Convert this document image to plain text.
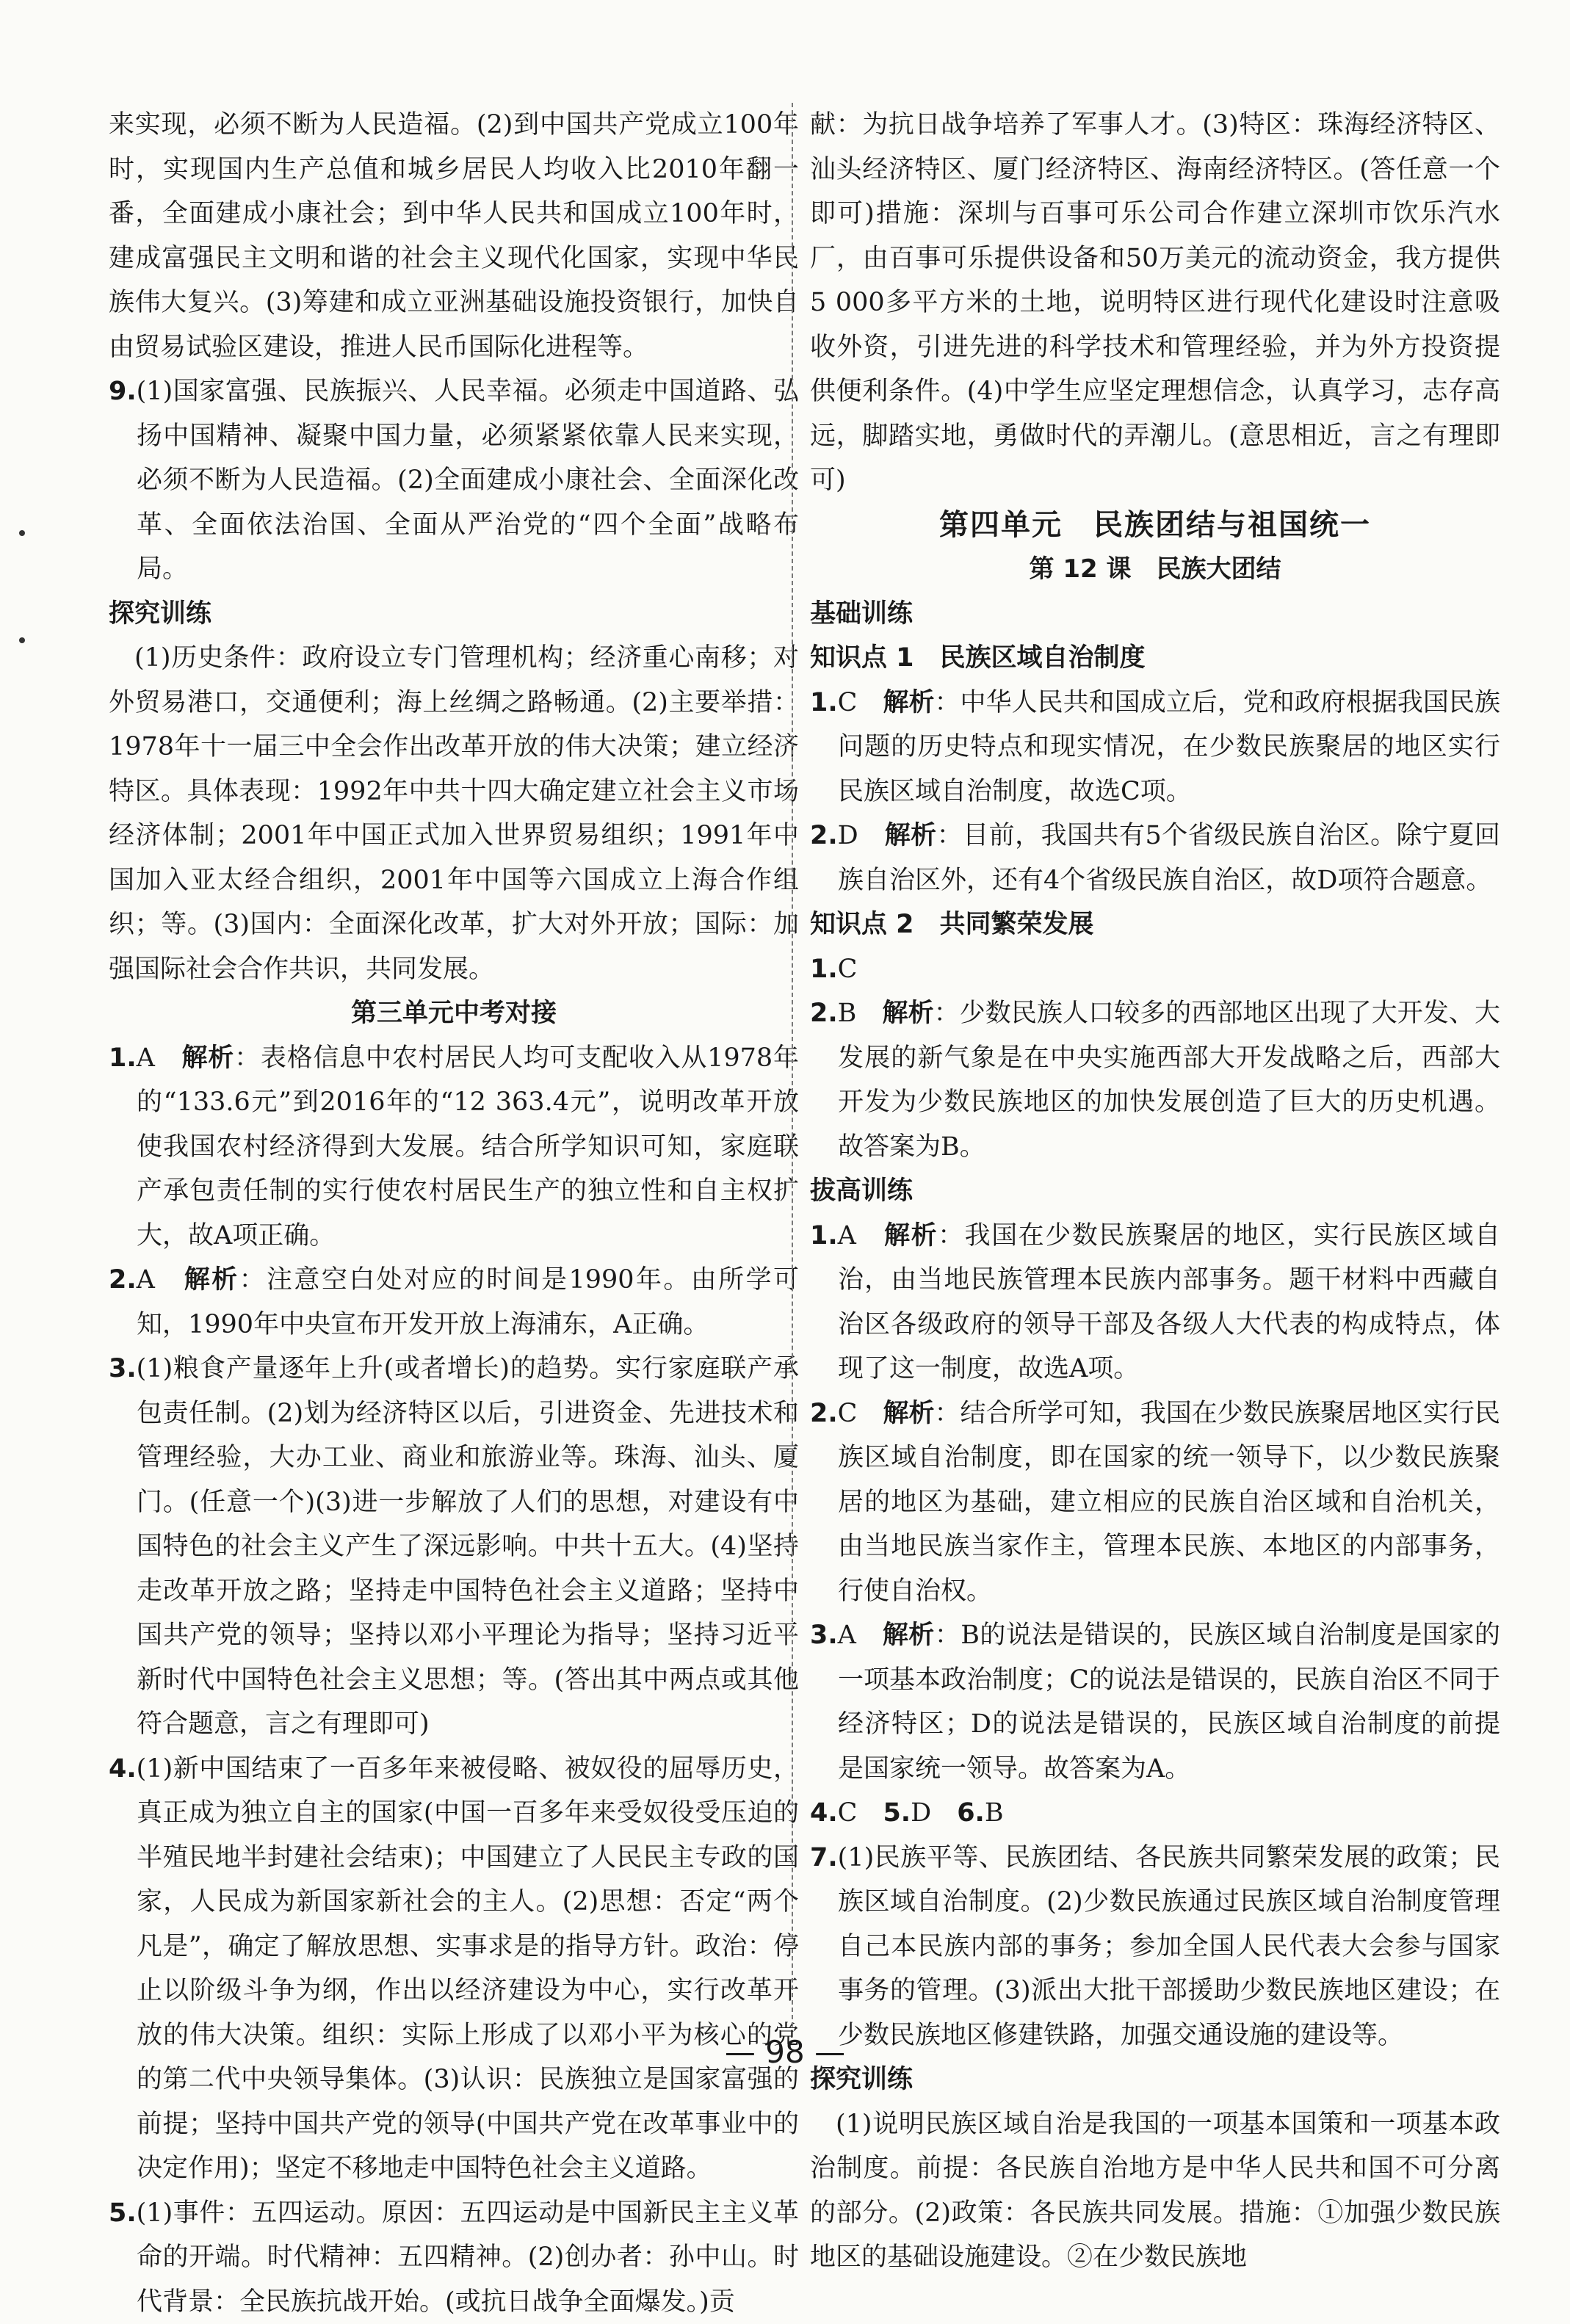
来实现，必须不断为人民造福。(2)到中国共产党成立100年时，实现国内生产总值和城乡居民人均收入比2010年翻一番，全面建成小康社会；到中华人民共和国成立100年时，建成富强民主文明和谐的社会主义现代化国家，实现中华民族伟大复兴。(3)筹建和成立亚洲基础设施投资银行，加快自由贸易试验区建设，推进人民币国际化进程等。

9.(1)国家富强、民族振兴、人民幸福。必须走中国道路、弘扬中国精神、凝聚中国力量，必须紧紧依靠人民来实现，必须不断为人民造福。(2)全面建成小康社会、全面深化改革、全面依法治国、全面从严治党的“四个全面”战略布局。

探究训练

(1)历史条件：政府设立专门管理机构；经济重心南移；对外贸易港口，交通便利；海上丝绸之路畅通。(2)主要举措：1978年十一届三中全会作出改革开放的伟大决策；建立经济特区。具体表现：1992年中共十四大确定建立社会主义市场经济体制；2001年中国正式加入世界贸易组织；1991年中国加入亚太经合组织，2001年中国等六国成立上海合作组织；等。(3)国内：全面深化改革，扩大对外开放；国际：加强国际社会合作共识，共同发展。

第三单元中考对接

1.A　 解析：表格信息中农村居民人均可支配收入从1978年的“133.6元”到2016年的“12 363.4元”，说明改革开放使我国农村经济得到大发展。结合所学知识可知，家庭联产承包责任制的实行使农村居民生产的独立性和自主权扩大，故A项正确。

2.A　 解析：注意空白处对应的时间是1990年。由所学可知，1990年中央宣布开发开放上海浦东，A正确。

3.(1)粮食产量逐年上升(或者增长)的趋势。实行家庭联产承包责任制。(2)划为经济特区以后，引进资金、先进技术和管理经验，大办工业、商业和旅游业等。珠海、汕头、厦门。(任意一个)(3)进一步解放了人们的思想，对建设有中国特色的社会主义产生了深远影响。中共十五大。(4)坚持走改革开放之路；坚持走中国特色社会主义道路；坚持中国共产党的领导；坚持以邓小平理论为指导；坚持习近平新时代中国特色社会主义思想；等。(答出其中两点或其他符合题意，言之有理即可)

4.(1)新中国结束了一百多年来被侵略、被奴役的屈辱历史，真正成为独立自主的国家(中国一百多年来受奴役受压迫的半殖民地半封建社会结束)；中国建立了人民民主专政的国家，人民成为新国家新社会的主人。(2)思想：否定“两个凡是”，确定了解放思想、实事求是的指导方针。政治：停止以阶级斗争为纲，作出以经济建设为中心，实行改革开放的伟大决策。组织：实际上形成了以邓小平为核心的党的第二代中央领导集体。(3)认识：民族独立是国家富强的前提；坚持中国共产党的领导(中国共产党在改革事业中的决定作用)；坚定不移地走中国特色社会主义道路。

5.(1)事件：五四运动。原因：五四运动是中国新民主主义革命的开端。时代精神：五四精神。(2)创办者：孙中山。时代背景：全民族抗战开始。(或抗日战争全面爆发。)贡

献：为抗日战争培养了军事人才。(3)特区：珠海经济特区、汕头经济特区、厦门经济特区、海南经济特区。(答任意一个即可)措施：深圳与百事可乐公司合作建立深圳市饮乐汽水厂，由百事可乐提供设备和50万美元的流动资金，我方提供5 000多平方米的土地，说明特区进行现代化建设时注意吸收外资，引进先进的科学技术和管理经验，并为外方投资提供便利条件。(4)中学生应坚定理想信念，认真学习，志存高远，脚踏实地，勇做时代的弄潮儿。(意思相近，言之有理即可)

第四单元　民族团结与祖国统一

第 12 课　民族大团结

基础训练

知识点 1　民族区域自治制度

1.C　 解析：中华人民共和国成立后，党和政府根据我国民族问题的历史特点和现实情况，在少数民族聚居的地区实行民族区域自治制度，故选C项。

2.D　 解析：目前，我国共有5个省级民族自治区。除宁夏回族自治区外，还有4个省级民族自治区，故D项符合题意。

知识点 2　共同繁荣发展

1.C

2.B　 解析：少数民族人口较多的西部地区出现了大开发、大发展的新气象是在中央实施西部大开发战略之后，西部大开发为少数民族地区的加快发展创造了巨大的历史机遇。故答案为B。

拔高训练

1.A　 解析：我国在少数民族聚居的地区，实行民族区域自治，由当地民族管理本民族内部事务。题干材料中西藏自治区各级政府的领导干部及各级人大代表的构成特点，体现了这一制度，故选A项。

2.C　 解析：结合所学可知，我国在少数民族聚居地区实行民族区域自治制度，即在国家的统一领导下，以少数民族聚居的地区为基础，建立相应的民族自治区域和自治机关，由当地民族当家作主，管理本民族、本地区的内部事务，行使自治权。

3.A　 解析：B的说法是错误的，民族区域自治制度是国家的一项基本政治制度；C的说法是错误的，民族自治区不同于经济特区；D的说法是错误的，民族区域自治制度的前提是国家统一领导。故答案为A。

4.C　 5.D　 6.B

7.(1)民族平等、民族团结、各民族共同繁荣发展的政策；民族区域自治制度。(2)少数民族通过民族区域自治制度管理自己本民族内部的事务；参加全国人民代表大会参与国家事务的管理。(3)派出大批干部援助少数民族地区建设；在少数民族地区修建铁路，加强交通设施的建设等。

探究训练

(1)说明民族区域自治是我国的一项基本国策和一项基本政治制度。前提：各民族自治地方是中华人民共和国不可分离的部分。(2)政策：各民族共同发展。措施：①加强少数民族地区的基础设施建设。②在少数民族地

— 98 —
